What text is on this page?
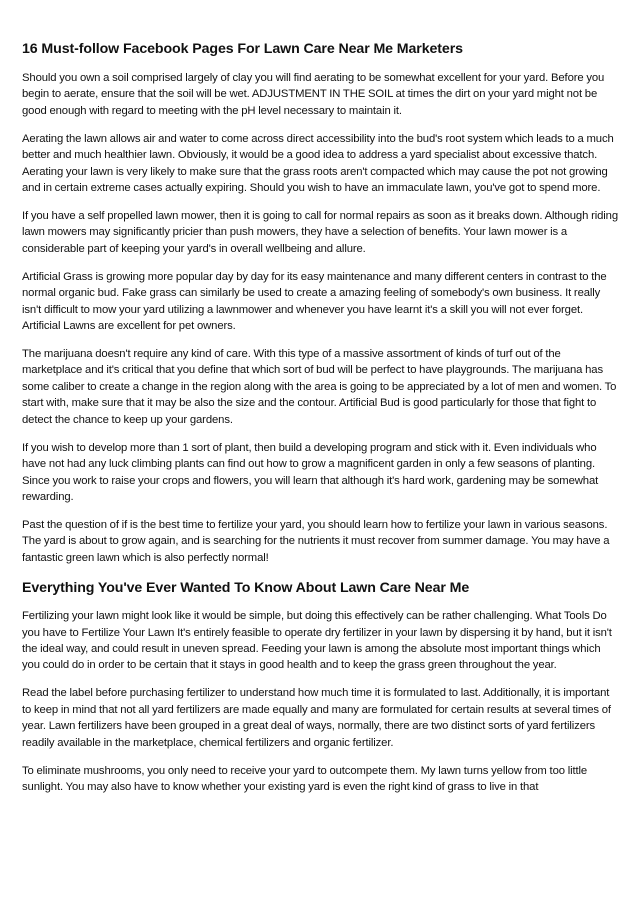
16 Must-follow Facebook Pages For Lawn Care Near Me Marketers

Should you own a soil comprised largely of clay you will find aerating to be somewhat excellent for your yard. Before you begin to aerate, ensure that the soil will be wet. ADJUSTMENT IN THE SOIL at times the dirt on your yard might not be good enough with regard to meeting with the pH level necessary to maintain it.

Aerating the lawn allows air and water to come across direct accessibility into the bud's root system which leads to a much better and much healthier lawn. Obviously, it would be a good idea to address a yard specialist about excessive thatch. Aerating your lawn is very likely to make sure that the grass roots aren't compacted which may cause the pot not growing and in certain extreme cases actually expiring. Should you wish to have an immaculate lawn, you've got to spend more.

If you have a self propelled lawn mower, then it is going to call for normal repairs as soon as it breaks down. Although riding lawn mowers may significantly pricier than push mowers, they have a selection of benefits. Your lawn mower is a considerable part of keeping your yard's in overall wellbeing and allure.

Artificial Grass is growing more popular day by day for its easy maintenance and many different centers in contrast to the normal organic bud. Fake grass can similarly be used to create a amazing feeling of somebody's own business. It really isn't difficult to mow your yard utilizing a lawnmower and whenever you have learnt it's a skill you will not ever forget. Artificial Lawns are excellent for pet owners.

The marijuana doesn't require any kind of care. With this type of a massive assortment of kinds of turf out of the marketplace and it's critical that you define that which sort of bud will be perfect to have playgrounds. The marijuana has some caliber to create a change in the region along with the area is going to be appreciated by a lot of men and women. To start with, make sure that it may be also the size and the contour. Artificial Bud is good particularly for those that fight to detect the chance to keep up your gardens.

If you wish to develop more than 1 sort of plant, then build a developing program and stick with it. Even individuals who have not had any luck climbing plants can find out how to grow a magnificent garden in only a few seasons of planting. Since you work to raise your crops and flowers, you will learn that although it's hard work, gardening may be somewhat rewarding.

Past the question of if is the best time to fertilize your yard, you should learn how to fertilize your lawn in various seasons. The yard is about to grow again, and is searching for the nutrients it must recover from summer damage. You may have a fantastic green lawn which is also perfectly normal!

Everything You've Ever Wanted To Know About Lawn Care Near Me

Fertilizing your lawn might look like it would be simple, but doing this effectively can be rather challenging. What Tools Do you have to Fertilize Your Lawn It's entirely feasible to operate dry fertilizer in your lawn by dispersing it by hand, but it isn't the ideal way, and could result in uneven spread. Feeding your lawn is among the absolute most important things which you could do in order to be certain that it stays in good health and to keep the grass green throughout the year.

Read the label before purchasing fertilizer to understand how much time it is formulated to last. Additionally, it is important to keep in mind that not all yard fertilizers are made equally and many are formulated for certain results at several times of year. Lawn fertilizers have been grouped in a great deal of ways, normally, there are two distinct sorts of yard fertilizers readily available in the marketplace, chemical fertilizers and organic fertilizer.

To eliminate mushrooms, you only need to receive your yard to outcompete them. My lawn turns yellow from too little sunlight. You may also have to know whether your existing yard is even the right kind of grass to live in that
